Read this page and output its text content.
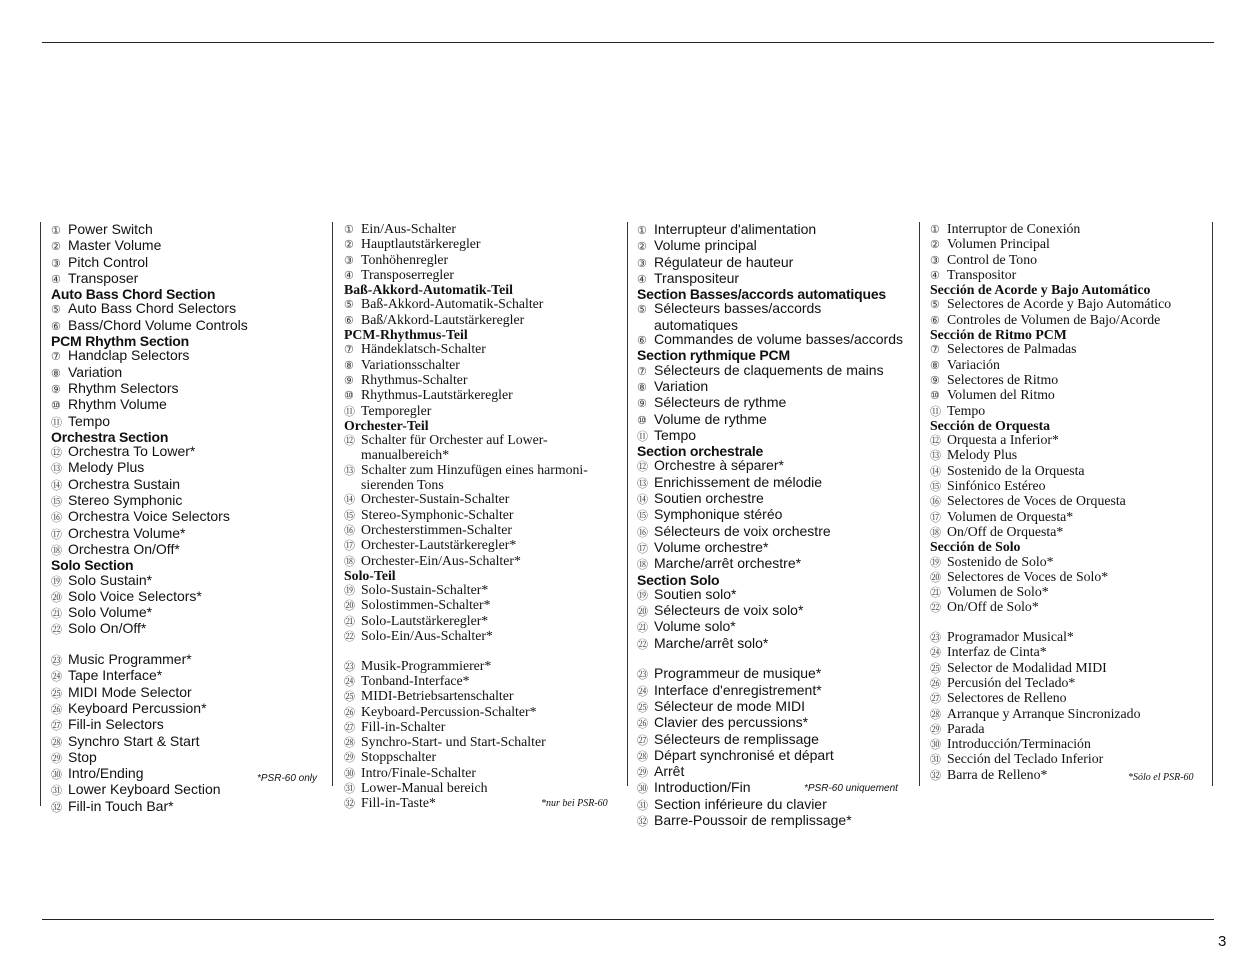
① Power Switch
② Master Volume
③ Pitch Control
④ Transposer
Auto Bass Chord Section
⑤ Auto Bass Chord Selectors
⑥ Bass/Chord Volume Controls
PCM Rhythm Section
⑦ Handclap Selectors
⑧ Variation
⑨ Rhythm Selectors
⑩ Rhythm Volume
⑪ Tempo
Orchestra Section
⑫ Orchestra To Lower*
⑬ Melody Plus
⑭ Orchestra Sustain
⑮ Stereo Symphonic
⑯ Orchestra Voice Selectors
⑰ Orchestra Volume*
⑱ Orchestra On/Off*
Solo Section
⑲ Solo Sustain*
⑳ Solo Voice Selectors*
㉑ Solo Volume*
㉒ Solo On/Off*
㉓ Music Programmer*
㉔ Tape Interface*
㉕ MIDI Mode Selector
㉖ Keyboard Percussion*
㉗ Fill-in Selectors
㉘ Synchro Start & Start
㉙ Stop
㉚ Intro/Ending
㉛ Lower Keyboard Section
㉜ Fill-in Touch Bar*
① Ein/Aus-Schalter
② Hauptlautstärkeregler
③ Tonhöhenregler
④ Transposerregler
Baß-Akkord-Automatik-Teil
⑤ Baß-Akkord-Automatik-Schalter
⑥ Baß/Akkord-Lautstärkeregler
PCM-Rhythmus-Teil
⑦ Händeklatsch-Schalter
⑧ Variationsschalter
⑨ Rhythmus-Schalter
⑩ Rhythmus-Lautstärkeregler
⑪ Temporegler
Orchester-Teil
⑫ Schalter für Orchester auf Lower-
manualbereich*
⑬ Schalter zum Hinzufügen eines harmoni-
sierenden Tons
⑭ Orchester-Sustain-Schalter
⑮ Stereo-Symphonic-Schalter
⑯ Orchesterstimmen-Schalter
⑰ Orchester-Lautstärkeregler*
⑱ Orchester-Ein/Aus-Schalter*
Solo-Teil
⑲ Solo-Sustain-Schalter*
⑳ Solostimmen-Schalter*
㉑ Solo-Lautstärkeregler*
㉒ Solo-Ein/Aus-Schalter*
㉓ Musik-Programmierer*
㉔ Tonband-Interface*
㉕ MIDI-Betriebsartenschalter
㉖ Keyboard-Percussion-Schalter*
㉗ Fill-in-Schalter
㉘ Synchro-Start- und Start-Schalter
㉙ Stoppschalter
㉚ Intro/Finale-Schalter
㉛ Lower-Manual bereich
㉜ Fill-in-Taste*
① Interrupteur d'alimentation
② Volume principal
③ Régulateur de hauteur
④ Transpositeur
Section Basses/accords automatiques
⑤ Sélecteurs basses/accords
automatiques
⑥ Commandes de volume basses/accords
Section rythmique PCM
⑦ Sélecteurs de claquements de mains
⑧ Variation
⑨ Sélecteurs de rythme
⑩ Volume de rythme
⑪ Tempo
Section orchestrale
⑫ Orchestre à séparer*
⑬ Enrichissement de mélodie
⑭ Soutien orchestre
⑮ Symphonique stéréo
⑯ Sélecteurs de voix orchestre
⑰ Volume orchestre*
⑱ Marche/arrêt orchestre*
Section Solo
⑲ Soutien solo*
⑳ Sélecteurs de voix solo*
㉑ Volume solo*
㉒ Marche/arrêt solo*
㉓ Programmeur de musique*
㉔ Interface d'enregistrement*
㉕ Sélecteur de mode MIDI
㉖ Clavier des percussions*
㉗ Sélecteurs de remplissage
㉘ Départ synchronisé et départ
㉙ Arrêt
㉚ Introduction/Fin
㉛ Section inférieure du clavier
㉜ Barre-Poussoir de remplissage*
① Interruptor de Conexión
② Volumen Principal
③ Control de Tono
④ Transpositor
Sección de Acorde y Bajo Automático
⑤ Selectores de Acorde y Bajo Automático
⑥ Controles de Volumen de Bajo/Acorde
Sección de Ritmo PCM
⑦ Selectores de Palmadas
⑧ Variación
⑨ Selectores de Ritmo
⑩ Volumen del Ritmo
⑪ Tempo
Sección de Orquesta
⑫ Orquesta a Inferior*
⑬ Melody Plus
⑭ Sostenido de la Orquesta
⑮ Sinfónico Estéreo
⑯ Selectores de Voces de Orquesta
⑰ Volumen de Orquesta*
⑱ On/Off de Orquesta*
Sección de Solo
⑲ Sostenido de Solo*
⑳ Selectores de Voces de Solo*
㉑ Volumen de Solo*
㉒ On/Off de Solo*
㉓ Programador Musical*
㉔ Interfaz de Cinta*
㉕ Selector de Modalidad MIDI
㉖ Percusión del Teclado*
㉗ Selectores de Relleno
㉘ Arranque y Arranque Sincronizado
㉙ Parada
㉚ Introducción/Terminación
㉛ Sección del Teclado Inferior
㉜ Barra de Relleno*
*PSR-60 only
*nur bei PSR-60
*PSR-60 uniquement
*Sólo el PSR-60
3
